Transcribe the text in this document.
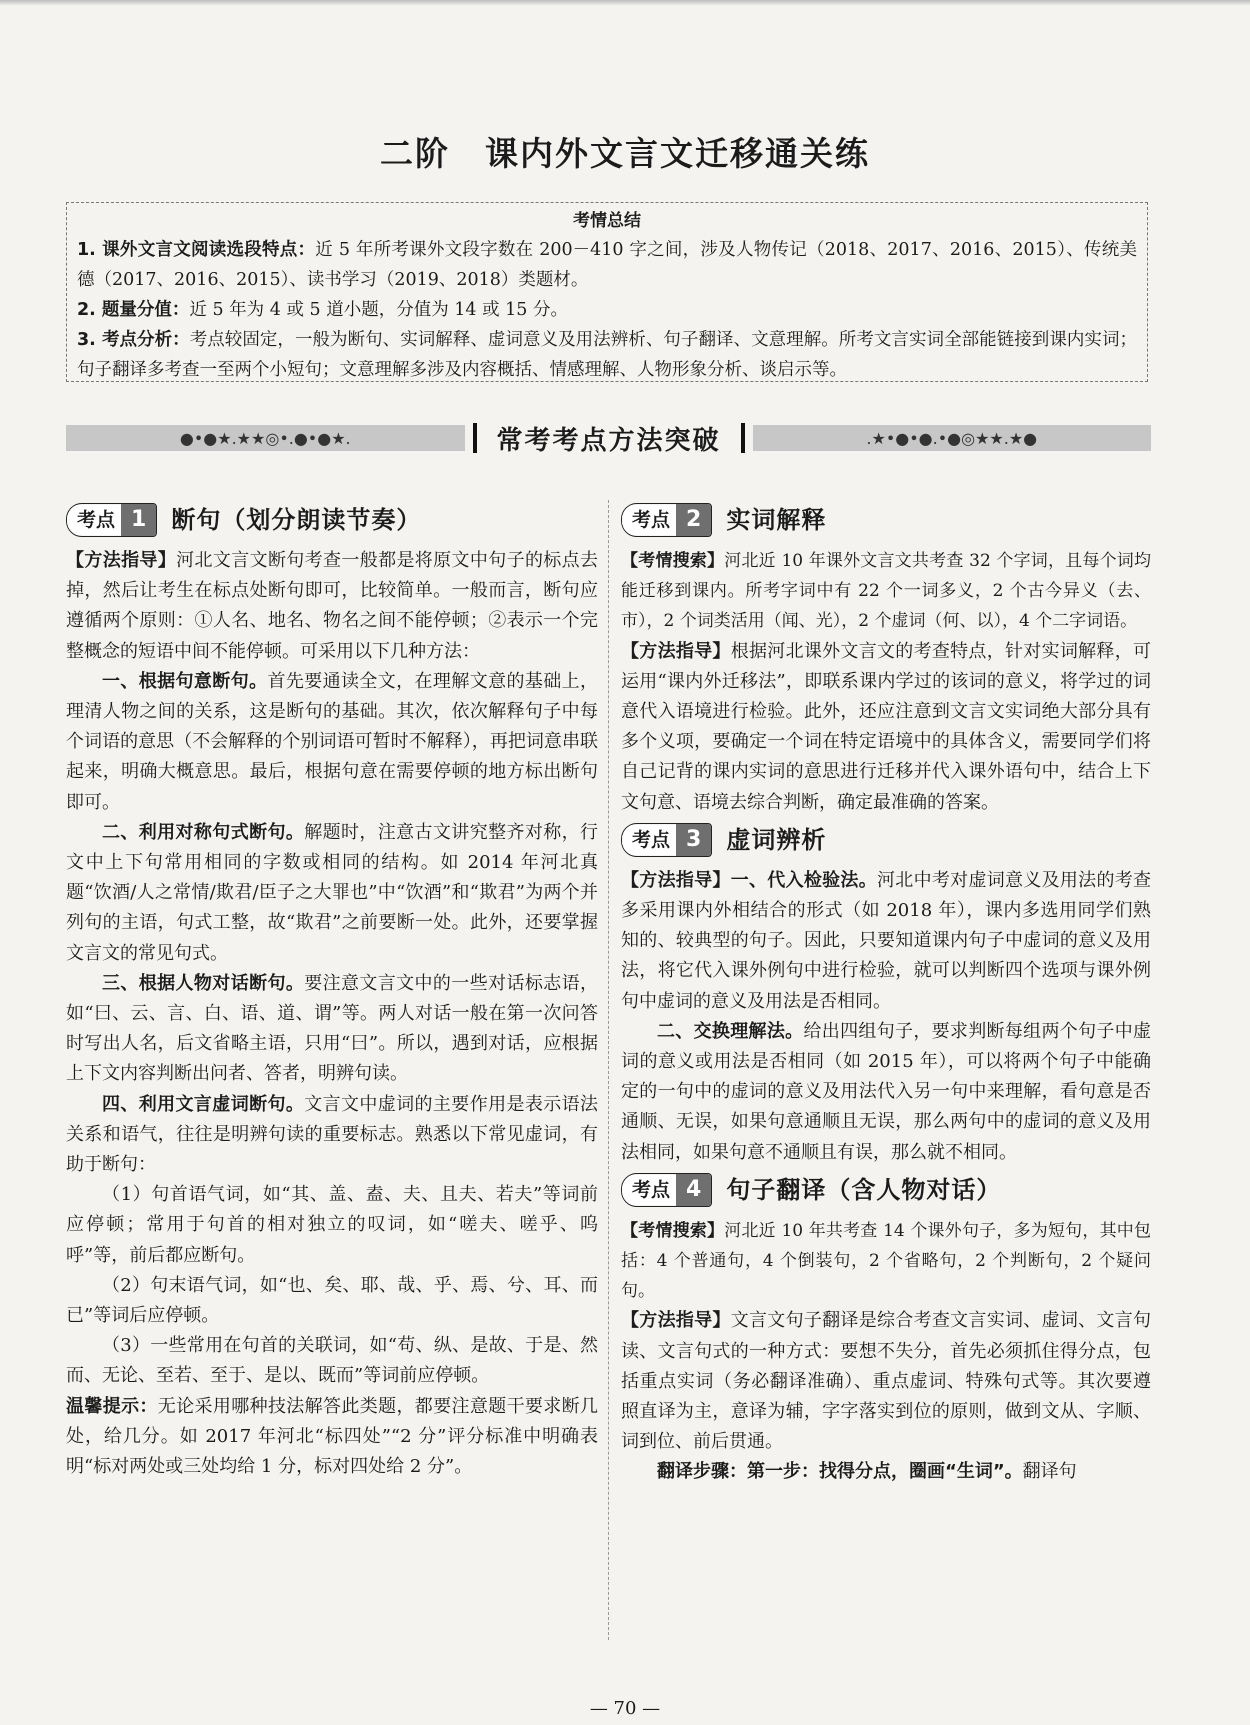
二阶　课内外文言文迁移通关练
考情总结
1. 课外文言文阅读选段特点：近 5 年所考课外文段字数在 200－410 字之间，涉及人物传记（2018、2017、2016、2015）、传统美德（2017、2016、2015）、读书学习（2019、2018）类题材。
2. 题量分值：近 5 年为 4 或 5 道小题，分值为 14 或 15 分。
3. 考点分析：考点较固定，一般为断句、实词解释、虚词意义及用法辨析、句子翻译、文意理解。所考文言实词全部能链接到课内实词；句子翻译多考查一至两个小短句；文意理解多涉及内容概括、情感理解、人物形象分析、谈启示等。
●•●★.★★◎•.●•●★.	常考考点方法突破	.★•●•●.•●◎★★.★●
考点 1	断句（划分朗读节奏）

【方法指导】河北文言文断句考查一般都是将原文中句子的标点去掉，然后让考生在标点处断句即可，比较简单。一般而言，断句应遵循两个原则：①人名、地名、物名之间不能停顿；②表示一个完整概念的短语中间不能停顿。可采用以下几种方法：

一、根据句意断句。首先要通读全文，在理解文意的基础上，理清人物之间的关系，这是断句的基础。其次，依次解释句子中每个词语的意思（不会解释的个别词语可暂时不解释），再把词意串联起来，明确大概意思。最后，根据句意在需要停顿的地方标出断句即可。

二、利用对称句式断句。解题时，注意古文讲究整齐对称，行文中上下句常用相同的字数或相同的结构。如 2014 年河北真题“饮酒/人之常情/欺君/臣子之大罪也”中“饮酒”和“欺君”为两个并列句的主语，句式工整，故“欺君”之前要断一处。此外，还要掌握文言文的常见句式。

三、根据人物对话断句。要注意文言文中的一些对话标志语，如“曰、云、言、白、语、道、谓”等。两人对话一般在第一次问答时写出人名，后文省略主语，只用“曰”。所以，遇到对话，应根据上下文内容判断出问者、答者，明辨句读。

四、利用文言虚词断句。文言文中虚词的主要作用是表示语法关系和语气，往往是明辨句读的重要标志。熟悉以下常见虚词，有助于断句：

（1）句首语气词，如“其、盖、盍、夫、且夫、若夫”等词前应停顿；常用于句首的相对独立的叹词，如“嗟夫、嗟乎、呜呼”等，前后都应断句。

（2）句末语气词，如“也、矣、耶、哉、乎、焉、兮、耳、而已”等词后应停顿。

（3）一些常用在句首的关联词，如“苟、纵、是故、于是、然而、无论、至若、至于、是以、既而”等词前应停顿。

温馨提示：无论采用哪种技法解答此类题，都要注意题干要求断几处，给几分。如 2017 年河北“标四处”“2 分”评分标准中明确表明“标对两处或三处均给 1 分，标对四处给 2 分”。

考点 2	实词解释

【考情搜索】河北近 10 年课外文言文共考查 32 个字词，且每个词均能迁移到课内。所考字词中有 22 个一词多义，2 个古今异义（去、市），2 个词类活用（闻、光），2 个虚词（何、以），4 个二字词语。

【方法指导】根据河北课外文言文的考查特点，针对实词解释，可运用“课内外迁移法”，即联系课内学过的该词的意义，将学过的词意代入语境进行检验。此外，还应注意到文言文实词绝大部分具有多个义项，要确定一个词在特定语境中的具体含义，需要同学们将自己记背的课内实词的意思进行迁移并代入课外语句中，结合上下文句意、语境去综合判断，确定最准确的答案。

考点 3	虚词辨析

【方法指导】一、代入检验法。河北中考对虚词意义及用法的考查多采用课内外相结合的形式（如 2018 年），课内多选用同学们熟知的、较典型的句子。因此，只要知道课内句子中虚词的意义及用法，将它代入课外例句中进行检验，就可以判断四个选项与课外例句中虚词的意义及用法是否相同。

二、交换理解法。给出四组句子，要求判断每组两个句子中虚词的意义或用法是否相同（如 2015 年），可以将两个句子中能确定的一句中的虚词的意义及用法代入另一句中来理解，看句意是否通顺、无误，如果句意通顺且无误，那么两句中的虚词的意义及用法相同，如果句意不通顺且有误，那么就不相同。

考点 4	句子翻译（含人物对话）

【考情搜索】河北近 10 年共考查 14 个课外句子，多为短句，其中包括：4 个普通句，4 个倒装句，2 个省略句，2 个判断句，2 个疑问句。

【方法指导】文言文句子翻译是综合考查文言实词、虚词、文言句读、文言句式的一种方式：要想不失分，首先必须抓住得分点，包括重点实词（务必翻译准确）、重点虚词、特殊句式等。其次要遵照直译为主，意译为辅，字字落实到位的原则，做到文从、字顺、词到位、前后贯通。

翻译步骤：第一步：找得分点，圈画“生词”。翻译句

— 70 —
